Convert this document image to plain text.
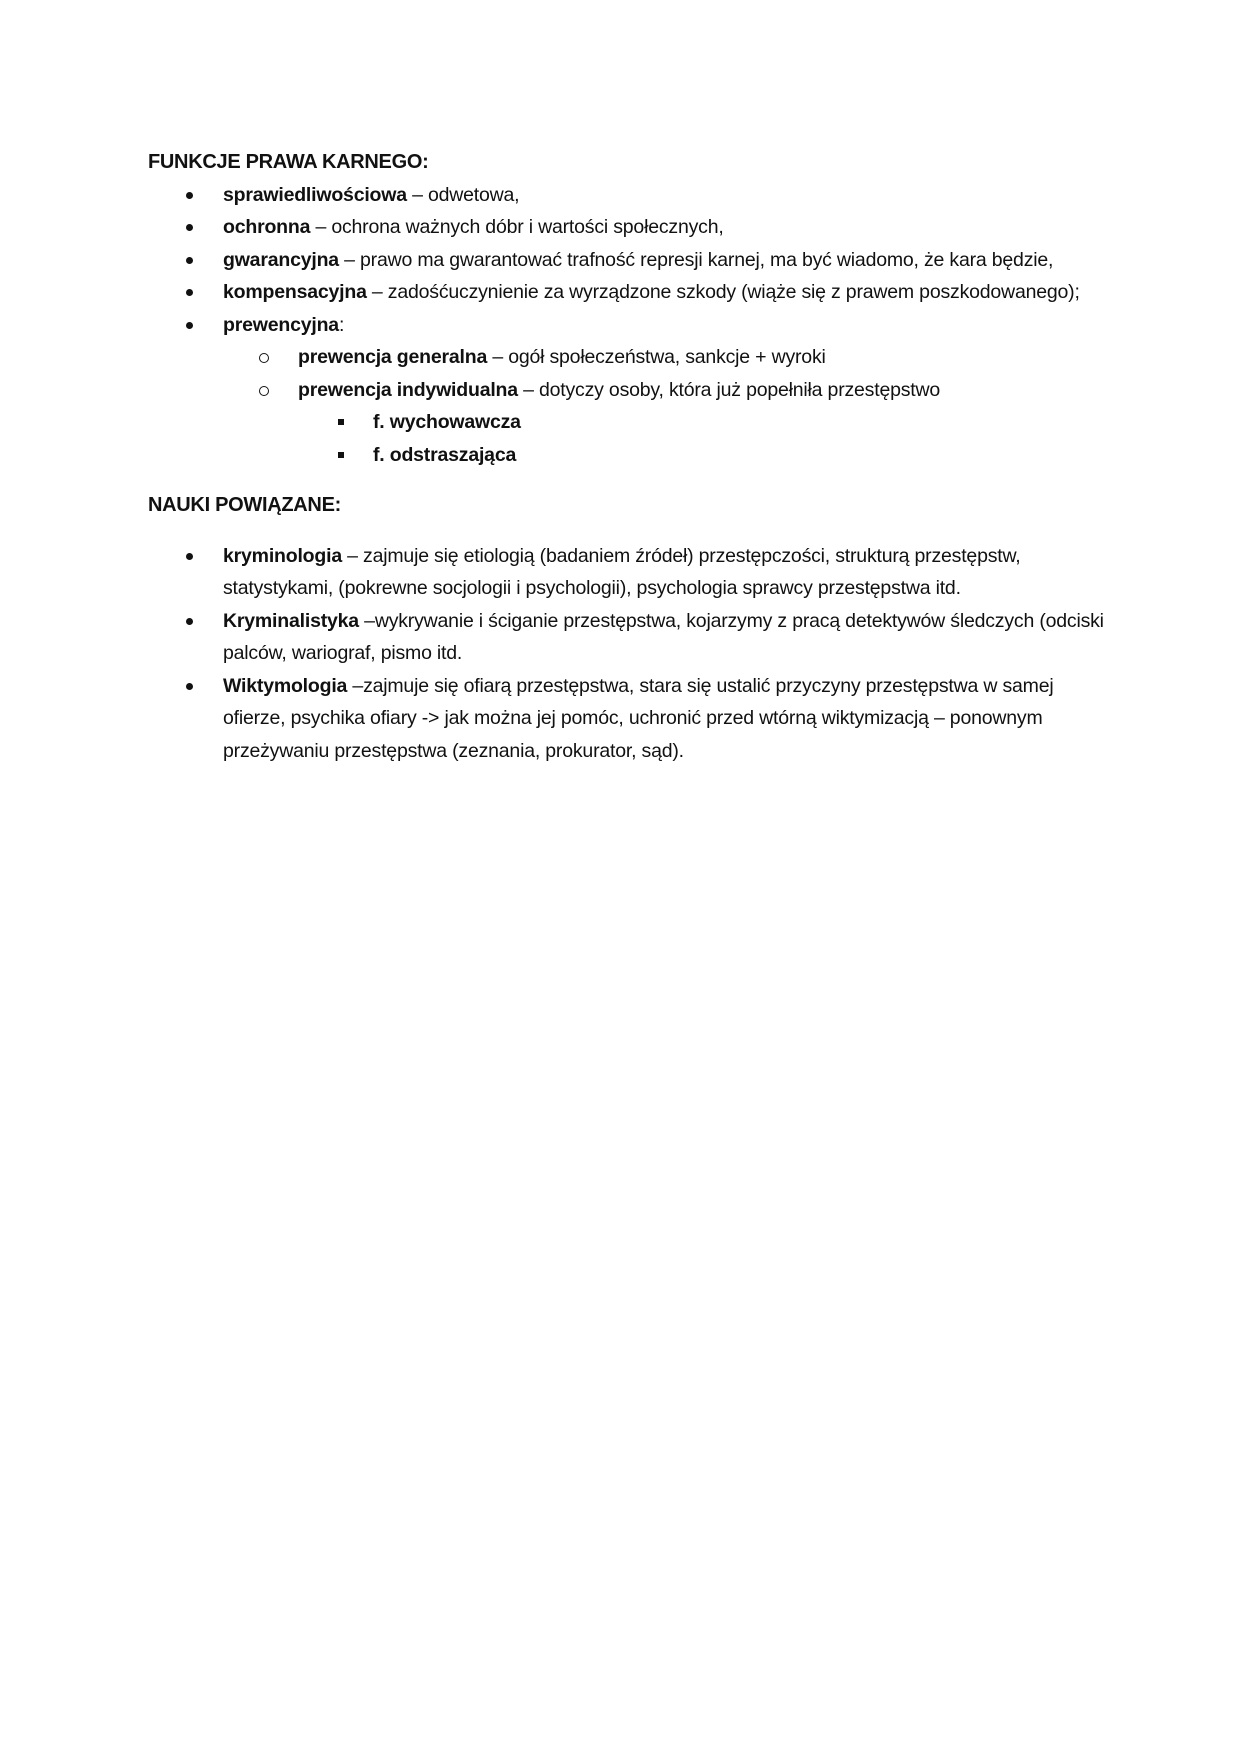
FUNKCJE PRAWA KARNEGO:

sprawiedliwościowa – odwetowa,
ochronna – ochrona ważnych dóbr i wartości społecznych,
gwarancyjna – prawo ma gwarantować trafność represji karnej, ma być wiadomo, że kara będzie,
kompensacyjna – zadośćuczynienie za wyrządzone szkody (wiąże się z prawem poszkodowanego);
prewencyjna:
prewencja generalna – ogół społeczeństwa, sankcje + wyroki
prewencja indywidualna – dotyczy osoby, która już popełniła przestępstwo
f. wychowawcza
f. odstraszająca

NAUKI POWIĄZANE:

kryminologia – zajmuje się etiologią (badaniem źródeł) przestępczości, strukturą przestępstw, statystykami, (pokrewne socjologii i psychologii), psychologia sprawcy przestępstwa itd.
Kryminalistyka –wykrywanie i ściganie przestępstwa, kojarzymy z pracą detektywów śledczych (odciski palców, wariograf, pismo itd.
Wiktymologia –zajmuje się ofiarą przestępstwa, stara się ustalić przyczyny przestępstwa w samej ofierze, psychika ofiary -> jak można jej pomóc, uchronić przed wtórną wiktymizacją – ponownym przeżywaniu przestępstwa (zeznania, prokurator, sąd).
